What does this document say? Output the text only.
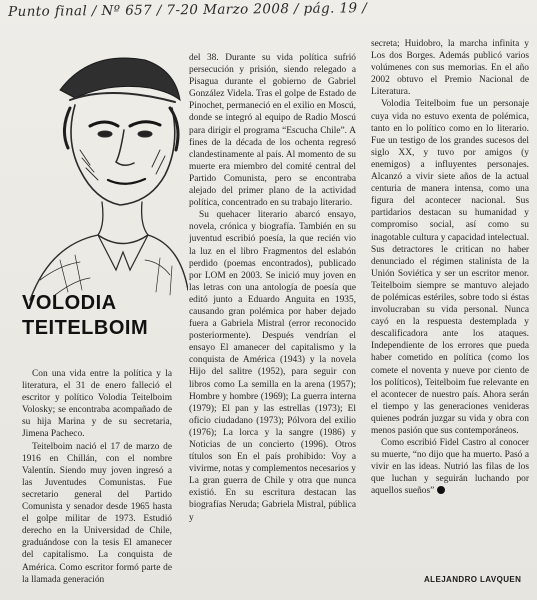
Punto final / Nº 657 / 7-20 Marzo 2008 / pág. 19 /
VOLODIA
TEITELBOIM

Con una vida entre la política y la literatura, el 31 de enero falleció el escritor y político Volodia Teitelboim Volosky; se encontraba acompañado de su hija Marina y de su secretaria, Jimena Pacheco.

Teitelboim nació el 17 de marzo de 1916 en Chillán, con el nombre Valentín. Siendo muy joven ingresó a las Juventudes Comunistas. Fue secretario general del Partido Comunista y senador desde 1965 hasta el golpe militar de 1973. Estudió derecho en la Universidad de Chile, graduándose con la tesis El amanecer del capitalismo. La conquista de América. Como escritor formó parte de la llamada generación

del 38. Durante su vida política sufrió persecución y prisión, siendo relegado a Pisagua durante el gobierno de Gabriel González Videla. Tras el golpe de Estado de Pinochet, permaneció en el exilio en Moscú, donde se integró al equipo de Radio Moscú para dirigir el programa “Escucha Chile”. A fines de la década de los ochenta regresó clandestinamente al país. Al momento de su muerte era miembro del comité central del Partido Comunista, pero se encontraba alejado del primer plano de la actividad política, concentrado en su trabajo literario.

Su quehacer literario abarcó ensayo, novela, crónica y biografía. También en su juventud escribió poesía, la que recién vio la luz en el libro Fragmentos del eslabón perdido (poemas encontrados), publicado por LOM en 2003. Se inició muy joven en las letras con una antología de poesía que editó junto a Eduardo Anguita en 1935, causando gran polémica por haber dejado fuera a Gabriela Mistral (error reconocido posteriormente). Después vendrían el ensayo El amanecer del capitalismo y la conquista de América (1943) y la novela Hijo del salitre (1952), para seguir con libros como La semilla en la arena (1957); Hombre y hombre (1969); La guerra interna (1979); El pan y las estrellas (1973); El oficio ciudadano (1973); Pólvora del exilio (1976); La lorca y la sangre (1986) y Noticias de un concierto (1996). Otros títulos son En el país prohibido: Voy a vivirme, notas y complementos necesarios y La gran guerra de Chile y otra que nunca existió. En su escritura destacan las biografías Neruda; Gabriela Mistral, pública y

secreta; Huidobro, la marcha infinita y Los dos Borges. Además publicó varios volúmenes con sus memorias. En el año 2002 obtuvo el Premio Nacional de Literatura.

Volodia Teitelboim fue un personaje cuya vida no estuvo exenta de polémica, tanto en lo político como en lo literario. Fue un testigo de los grandes sucesos del siglo XX, y tuvo por amigos (y enemigos) a influyentes personajes. Alcanzó a vivir siete años de la actual centuria de manera intensa, como una figura del acontecer nacional. Sus partidarios destacan su humanidad y compromiso social, así como su inagotable cultura y capacidad intelectual. Sus detractores le critican no haber denunciado el régimen stalinista de la Unión Soviética y ser un escritor menor. Teitelboim siempre se mantuvo alejado de polémicas estériles, sobre todo si éstas involucraban su vida personal. Nunca cayó en la respuesta destemplada y descalificadora ante los ataques. Independiente de los errores que pueda haber cometido en política (como los comete el noventa y nueve por ciento de los políticos), Teitelboim fue relevante en el acontecer de nuestro país. Ahora serán el tiempo y las generaciones venideras quienes podrán juzgar su vida y obra con menos pasión que sus contemporáneos.

Como escribió Fidel Castro al conocer su muerte, “no dijo que ha muerto. Pasó a vivir en las ideas. Nutrió las filas de los que luchan y seguirán luchando por aquellos sueños”

ALEJANDRO LAVQUEN
